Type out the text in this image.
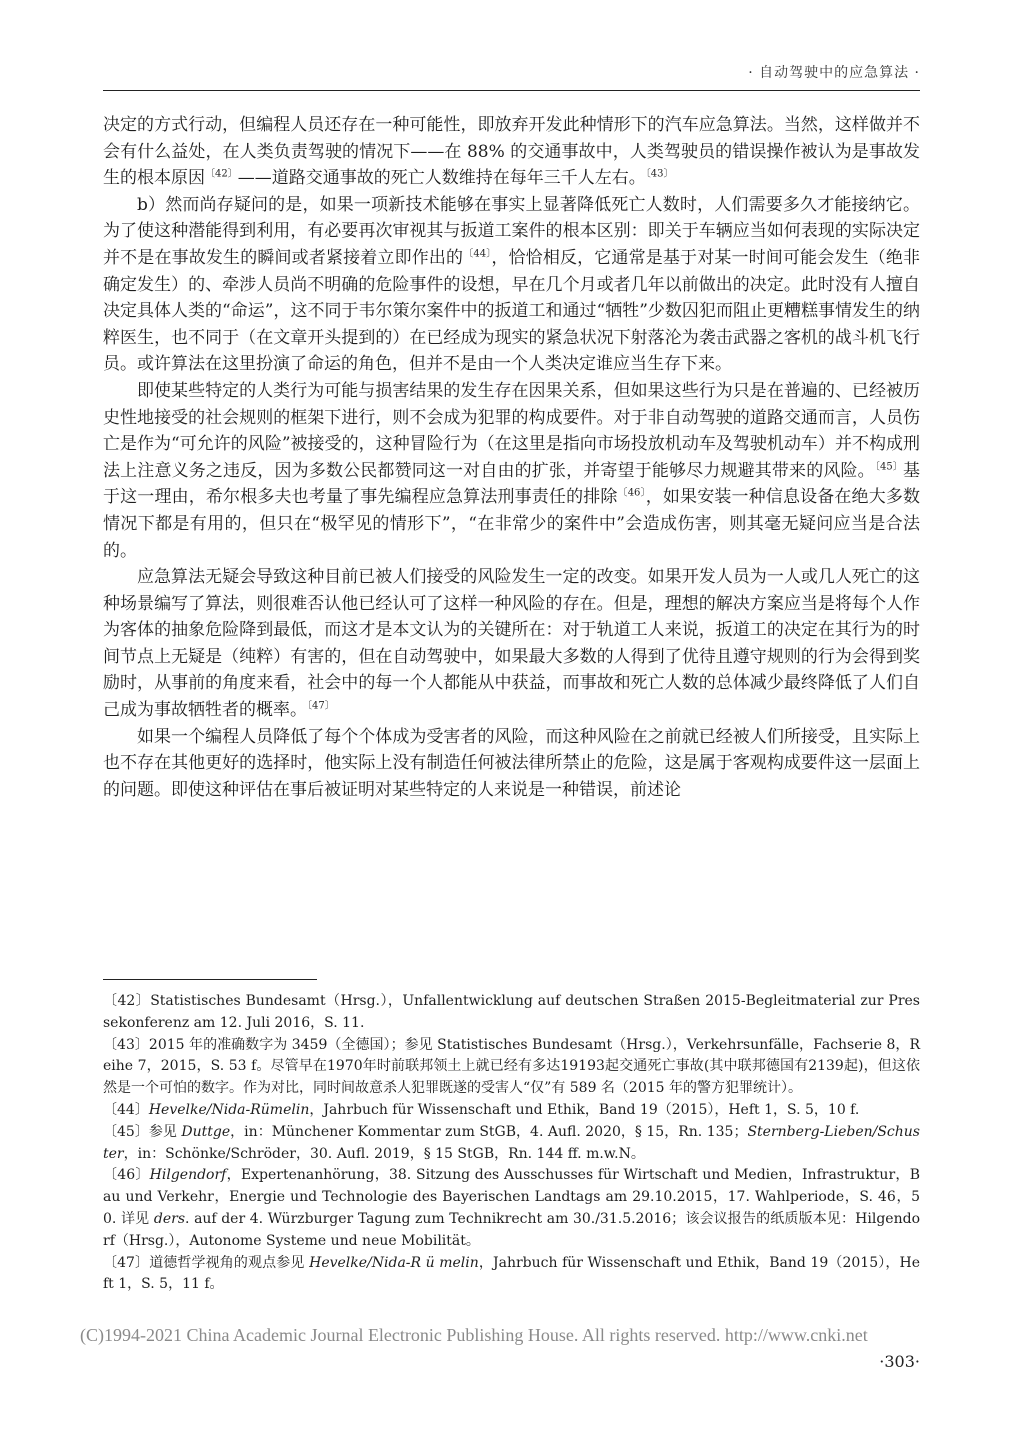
· 自动驾驶中的应急算法 ·

决定的方式行动，但编程人员还存在一种可能性，即放弃开发此种情形下的汽车应急算法。当然，这样做并不会有什么益处，在人类负责驾驶的情况下——在 88% 的交通事故中，人类驾驶员的错误操作被认为是事故发生的根本原因$^{〔42〕}$——道路交通事故的死亡人数维持在每年三千人左右。$^{〔43〕}$

b）然而尚存疑问的是，如果一项新技术能够在事实上显著降低死亡人数时，人们需要多久才能接纳它。为了使这种潜能得到利用，有必要再次审视其与扳道工案件的根本区别：即关于车辆应当如何表现的实际决定并不是在事故发生的瞬间或者紧接着立即作出的$^{〔44〕}$，恰恰相反，它通常是基于对某一时间可能会发生（绝非确定发生）的、牵涉人员尚不明确的危险事件的设想，早在几个月或者几年以前做出的决定。此时没有人擅自决定具体人类的“命运”，这不同于韦尔策尔案件中的扳道工和通过“牺牲”少数囚犯而阻止更糟糕事情发生的纳粹医生，也不同于（在文章开头提到的）在已经成为现实的紧急状况下射落沦为袭击武器之客机的战斗机飞行员。或许算法在这里扮演了命运的角色，但并不是由一个人类决定谁应当生存下来。

即使某些特定的人类行为可能与损害结果的发生存在因果关系，但如果这些行为只是在普遍的、已经被历史性地接受的社会规则的框架下进行，则不会成为犯罪的构成要件。对于非自动驾驶的道路交通而言，人员伤亡是作为“可允许的风险”被接受的，这种冒险行为（在这里是指向市场投放机动车及驾驶机动车）并不构成刑法上注意义务之违反，因为多数公民都赞同这一对自由的扩张，并寄望于能够尽力规避其带来的风险。$^{〔45〕}$基于这一理由，希尔根多夫也考量了事先编程应急算法刑事责任的排除$^{〔46〕}$，如果安装一种信息设备在绝大多数情况下都是有用的，但只在“极罕见的情形下”，“在非常少的案件中”会造成伤害，则其毫无疑问应当是合法的。

应急算法无疑会导致这种目前已被人们接受的风险发生一定的改变。如果开发人员为一人或几人死亡的这种场景编写了算法，则很难否认他已经认可了这样一种风险的存在。但是，理想的解决方案应当是将每个人作为客体的抽象危险降到最低，而这才是本文认为的关键所在：对于轨道工人来说，扳道工的决定在其行为的时间节点上无疑是（纯粹）有害的，但在自动驾驶中，如果最大多数的人得到了优待且遵守规则的行为会得到奖励时，从事前的角度来看，社会中的每一个人都能从中获益，而事故和死亡人数的总体减少最终降低了人们自己成为事故牺牲者的概率。$^{〔47〕}$

如果一个编程人员降低了每个个体成为受害者的风险，而这种风险在之前就已经被人们所接受，且实际上也不存在其他更好的选择时，他实际上没有制造任何被法律所禁止的危险，这是属于客观构成要件这一层面上的问题。即使这种评估在事后被证明对某些特定的人来说是一种错误，前述论

〔42〕Statistisches Bundesamt（Hrsg.），Unfallentwicklung auf deutschen Straßen 2015-Begleitmaterial zur Pressekonferenz am 12. Juli 2016，S. 11.

〔43〕2015 年的准确数字为 3459（全德国）；参见 Statistisches Bundesamt（Hrsg.），Verkehrsunfälle，Fachserie 8，Reihe 7，2015，S. 53 f。尽管早在1970年时前联邦领土上就已经有多达19193起交通死亡事故(其中联邦德国有2139起)，但这依然是一个可怕的数字。作为对比，同时间故意杀人犯罪既遂的受害人“仅”有 589 名（2015 年的警方犯罪统计）。

〔44〕Hevelke/Nida-Rümelin，Jahrbuch für Wissenschaft und Ethik，Band 19（2015），Heft 1，S. 5，10 f.

〔45〕参见 Duttge，in：Münchener Kommentar zum StGB，4. Aufl. 2020，§ 15，Rn. 135；Sternberg-Lieben/Schuster，in：Schönke/Schröder，30. Aufl. 2019，§ 15 StGB，Rn. 144 ff. m.w.N。

〔46〕Hilgendorf，Expertenanhörung，38. Sitzung des Ausschusses für Wirtschaft und Medien，Infrastruktur，Bau und Verkehr，Energie und Technologie des Bayerischen Landtags am 29.10.2015，17. Wahlperiode，S. 46，50. 详见 ders. auf der 4. Würzburger Tagung zum Technikrecht am 30./31.5.2016；该会议报告的纸质版本见：Hilgendorf（Hrsg.），Autonome Systeme und neue Mobilität。

〔47〕道德哲学视角的观点参见 Hevelke/Nida-R ü melin，Jahrbuch für Wissenschaft und Ethik，Band 19（2015），Heft 1，S. 5，11 f。

(C)1994-2021 China Academic Journal Electronic Publishing House. All rights reserved. http://www.cnki.net
·303·
